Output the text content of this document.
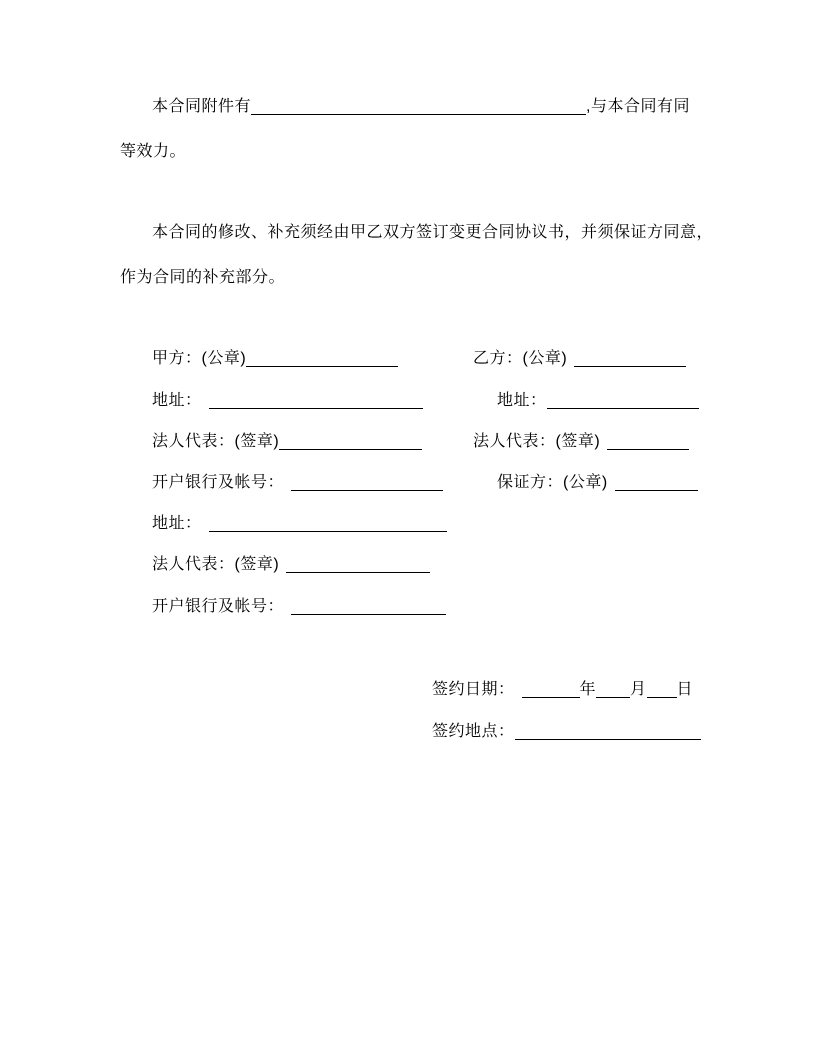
本合同附件有	,与本合同有同
等效力。
本合同的修改、补充须经由甲乙双方签订变更合同协议书，并须保证方同意，
作为合同的补充部分。
甲方：(公章)
地址：
法人代表：(签章)
开户银行及帐号：
地址：
法人代表：(签章)
开户银行及帐号：
乙方：(公章)
地址：
法人代表：(签章)
保证方：(公章)
签约日期：	年 月 日
签约地点：
